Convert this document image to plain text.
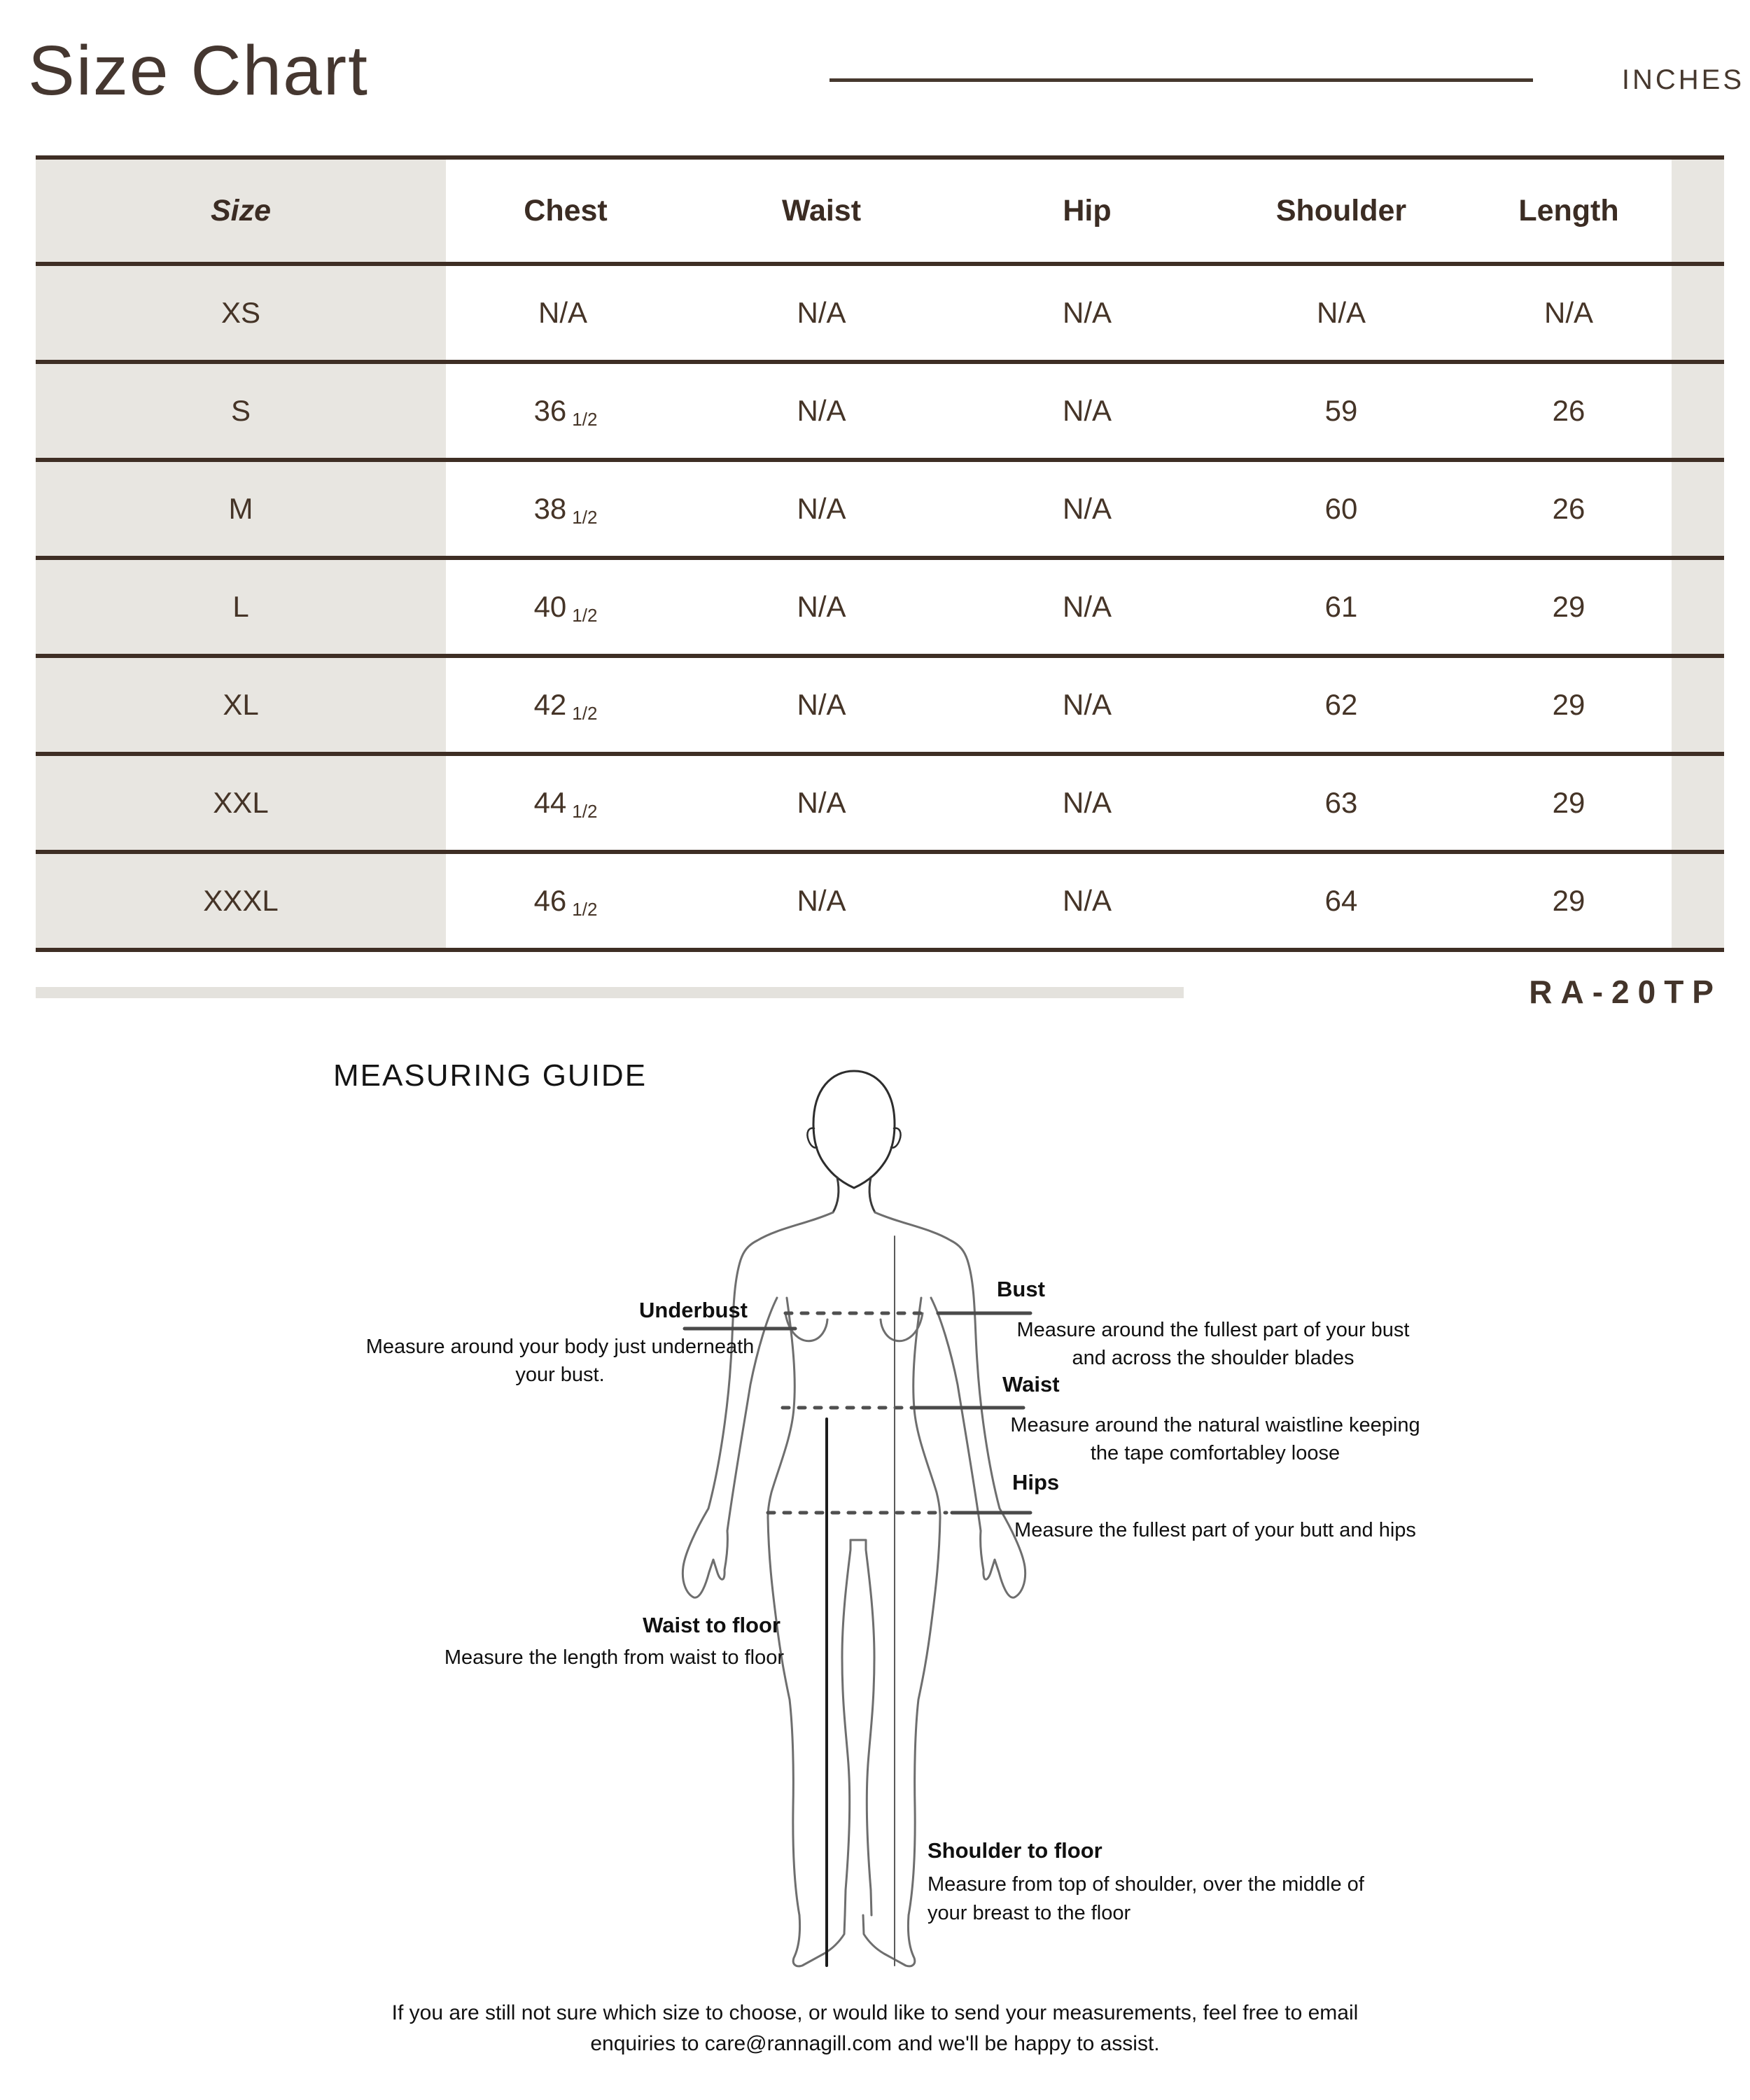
Size Chart	INCHES
Size	Chest	Waist	Hip	Shoulder	Length
XS	N/A	N/A	N/A	N/A	N/A
S	36 1/2	N/A	N/A	59	26
M	38 1/2	N/A	N/A	60	26
L	40 1/2	N/A	N/A	61	29
XL	42 1/2	N/A	N/A	62	29
XXL	44 1/2	N/A	N/A	63	29
XXXL	46 1/2	N/A	N/A	64	29
RA-20TP
MEASURING GUIDE
Underbust
Measure around your body just underneath
your bust.
Bust
Measure around the fullest part of your bust
and across the shoulder blades
Waist
Measure around the natural waistline keeping
the tape comfortabley loose
Hips
Measure the fullest part of your butt and hips
Waist to floor
Measure the length from waist to floor
Shoulder to floor
Measure from top of shoulder, over the middle of
your breast to the floor
If you are still not sure which size to choose, or would like to send your measurements, feel free to email
enquiries to care@rannagill.com and we'll be happy to assist.
